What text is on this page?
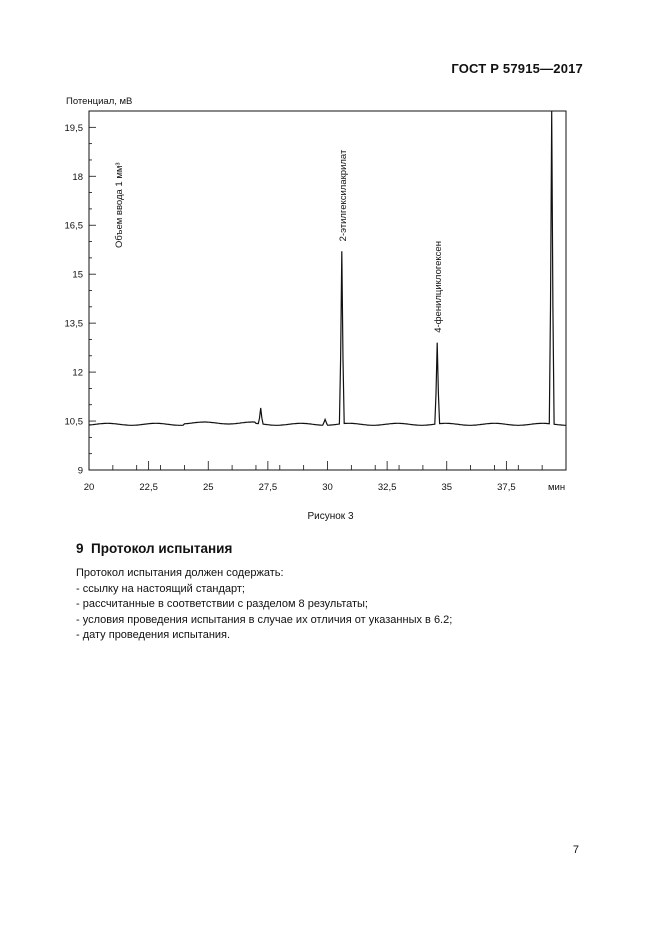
ГОСТ Р 57915—2017
Потенциал, мВ
9
10,5
12
13,5
15
16,5
18
19,5
20	22,5	25	27,5	30	32,5	35	37,5	мин
2-этилгексилакрилат
4-фенилциклогексен
Объем ввода 1 мм³
Рисунок 3
9 Протокол испытания
Протокол испытания должен содержать:
- ссылку на настоящий стандарт;
- рассчитанные в соответствии с разделом 8 результаты;
- условия проведения испытания в случае их отличия от указанных в 6.2;
- дату проведения испытания.
7
